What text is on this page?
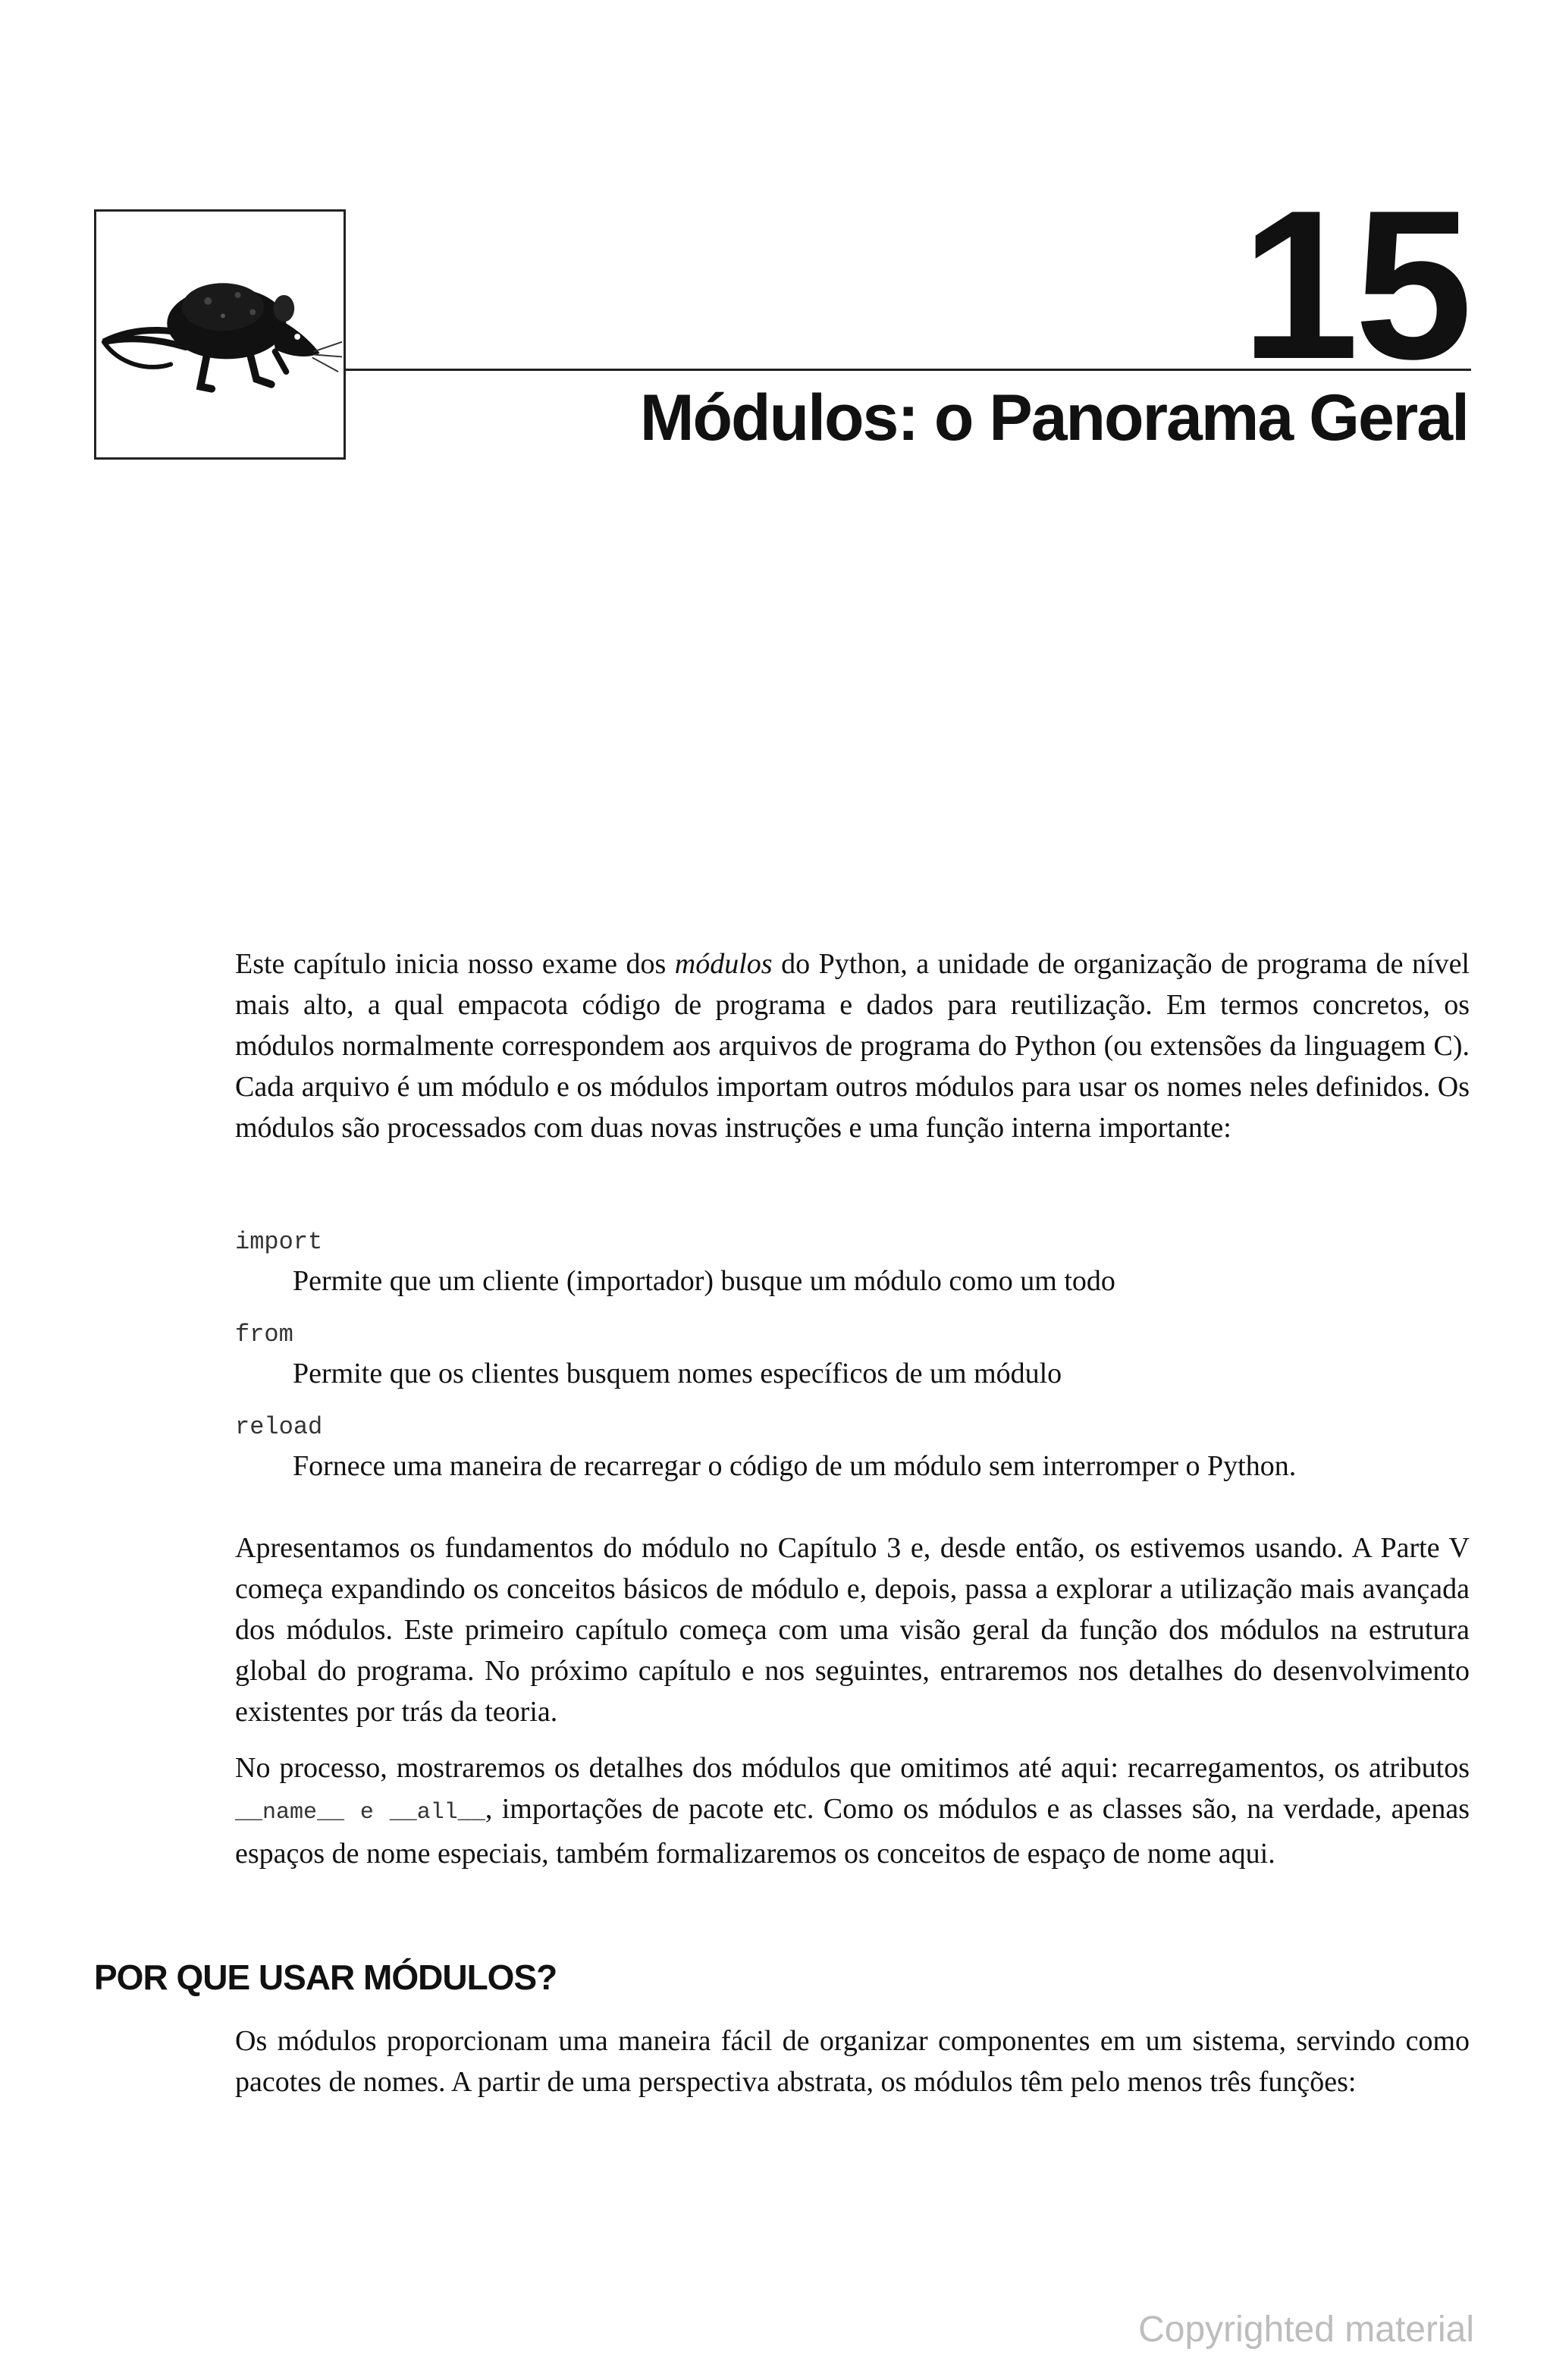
15
Módulos: o Panorama Geral

Este capítulo inicia nosso exame dos módulos do Python, a unidade de organização de programa de nível mais alto, a qual empacota código de programa e dados para reutilização. Em termos concretos, os módulos normalmente correspondem aos arquivos de programa do Python (ou extensões da linguagem C). Cada arquivo é um módulo e os módulos importam outros módulos para usar os nomes neles definidos. Os módulos são processados com duas novas instruções e uma função interna importante:

import

Permite que um cliente (importador) busque um módulo como um todo

from

Permite que os clientes busquem nomes específicos de um módulo

reload

Fornece uma maneira de recarregar o código de um módulo sem interromper o Python.

Apresentamos os fundamentos do módulo no Capítulo 3 e, desde então, os estivemos usando. A Parte V começa expandindo os conceitos básicos de módulo e, depois, passa a explorar a utilização mais avançada dos módulos. Este primeiro capítulo começa com uma visão geral da função dos módulos na estrutura global do programa. No próximo capítulo e nos seguintes, entraremos nos detalhes do desenvolvimento existentes por trás da teoria.

No processo, mostraremos os detalhes dos módulos que omitimos até aqui: recarregamentos, os atributos __name__ e __all__, importações de pacote etc. Como os módulos e as classes são, na verdade, apenas espaços de nome especiais, também formalizaremos os conceitos de espaço de nome aqui.

POR QUE USAR MÓDULOS?

Os módulos proporcionam uma maneira fácil de organizar componentes em um sistema, servindo como pacotes de nomes. A partir de uma perspectiva abstrata, os módulos têm pelo menos três funções:

Copyrighted material
